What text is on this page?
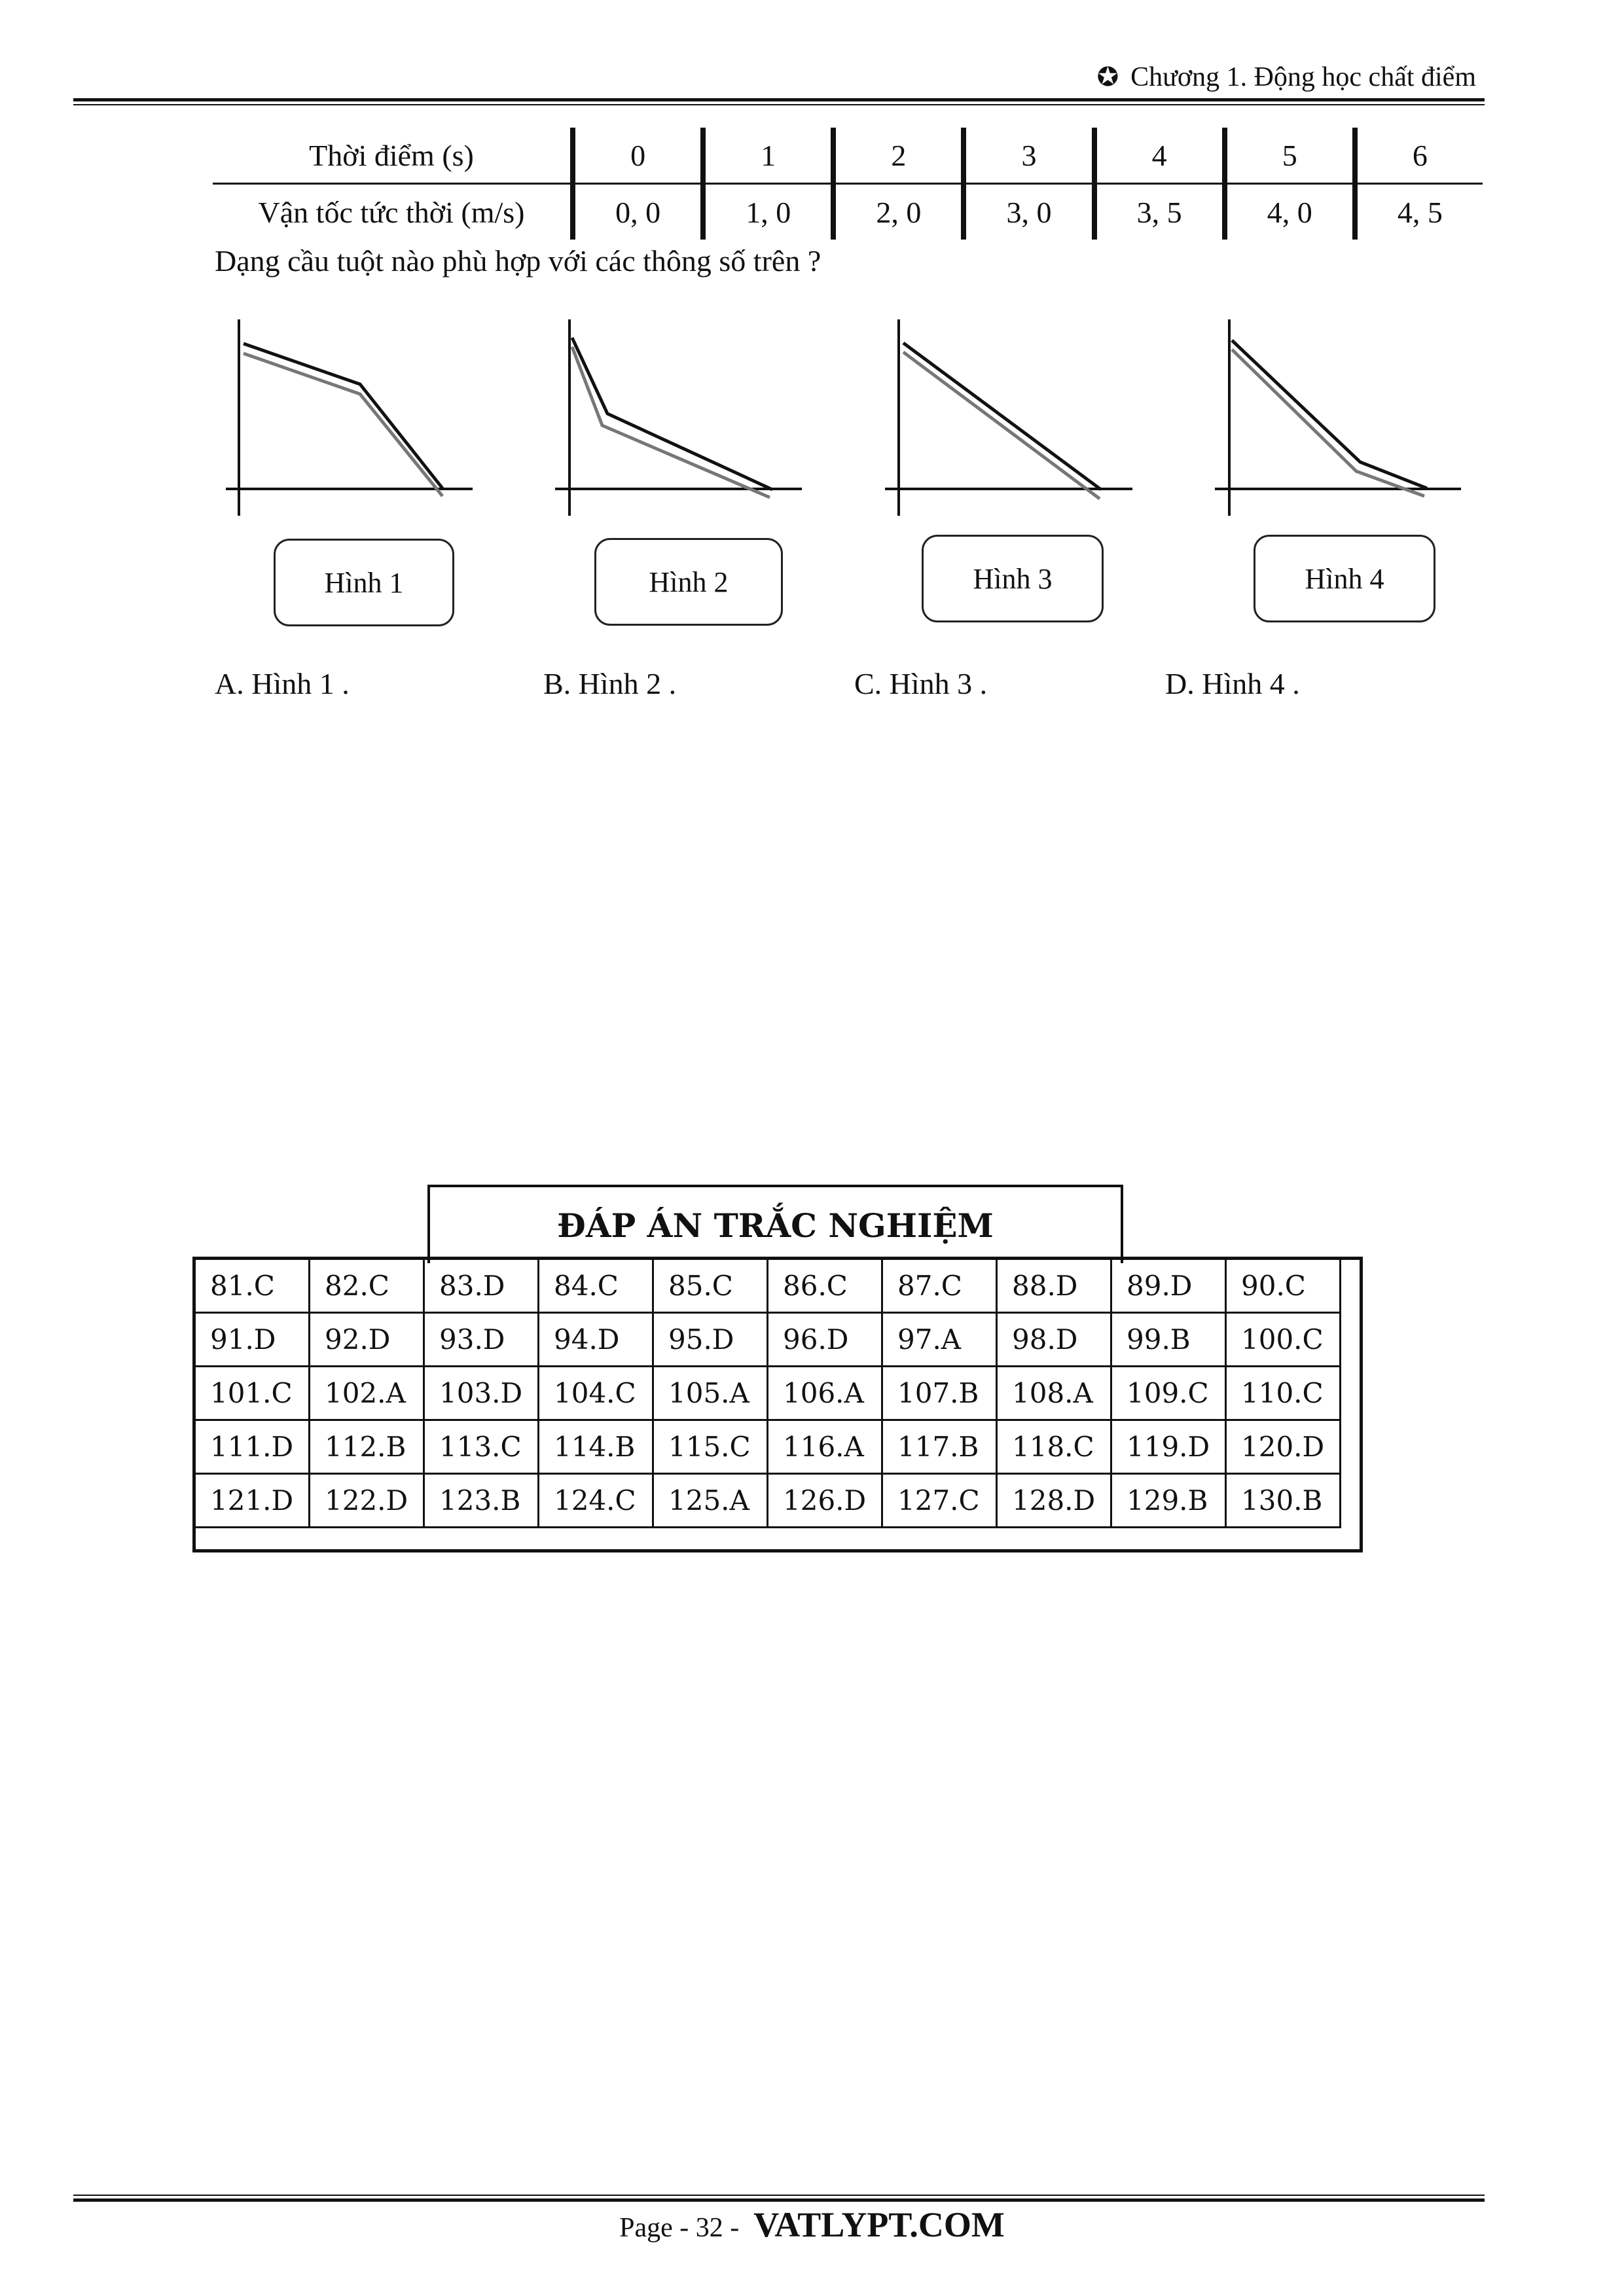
✪ Chương 1. Động học chất điểm
Thời điểm (s)	0	1	2	3	4	5	6
Vận tốc tức thời (m/s)	0, 0	1, 0	2, 0	3, 0	3, 5	4, 0	4, 5
Dạng cầu tuột nào phù hợp với các thông số trên ?
Hình 1	Hình 2	Hình 3	Hình 4
A. Hình 1 .	B. Hình 2 .	C. Hình 3 .	D. Hình 4 .
ĐÁP ÁN TRẮC NGHIỆM
81.C	82.C	83.D	84.C	85.C	86.C	87.C	88.D	89.D	90.C
91.D	92.D	93.D	94.D	95.D	96.D	97.A	98.D	99.B	100.C
101.C	102.A	103.D	104.C	105.A	106.A	107.B	108.A	109.C	110.C
111.D	112.B	113.C	114.B	115.C	116.A	117.B	118.C	119.D	120.D
121.D	122.D	123.B	124.C	125.A	126.D	127.C	128.D	129.B	130.B
Page - 32 - VATLYPT.COM
